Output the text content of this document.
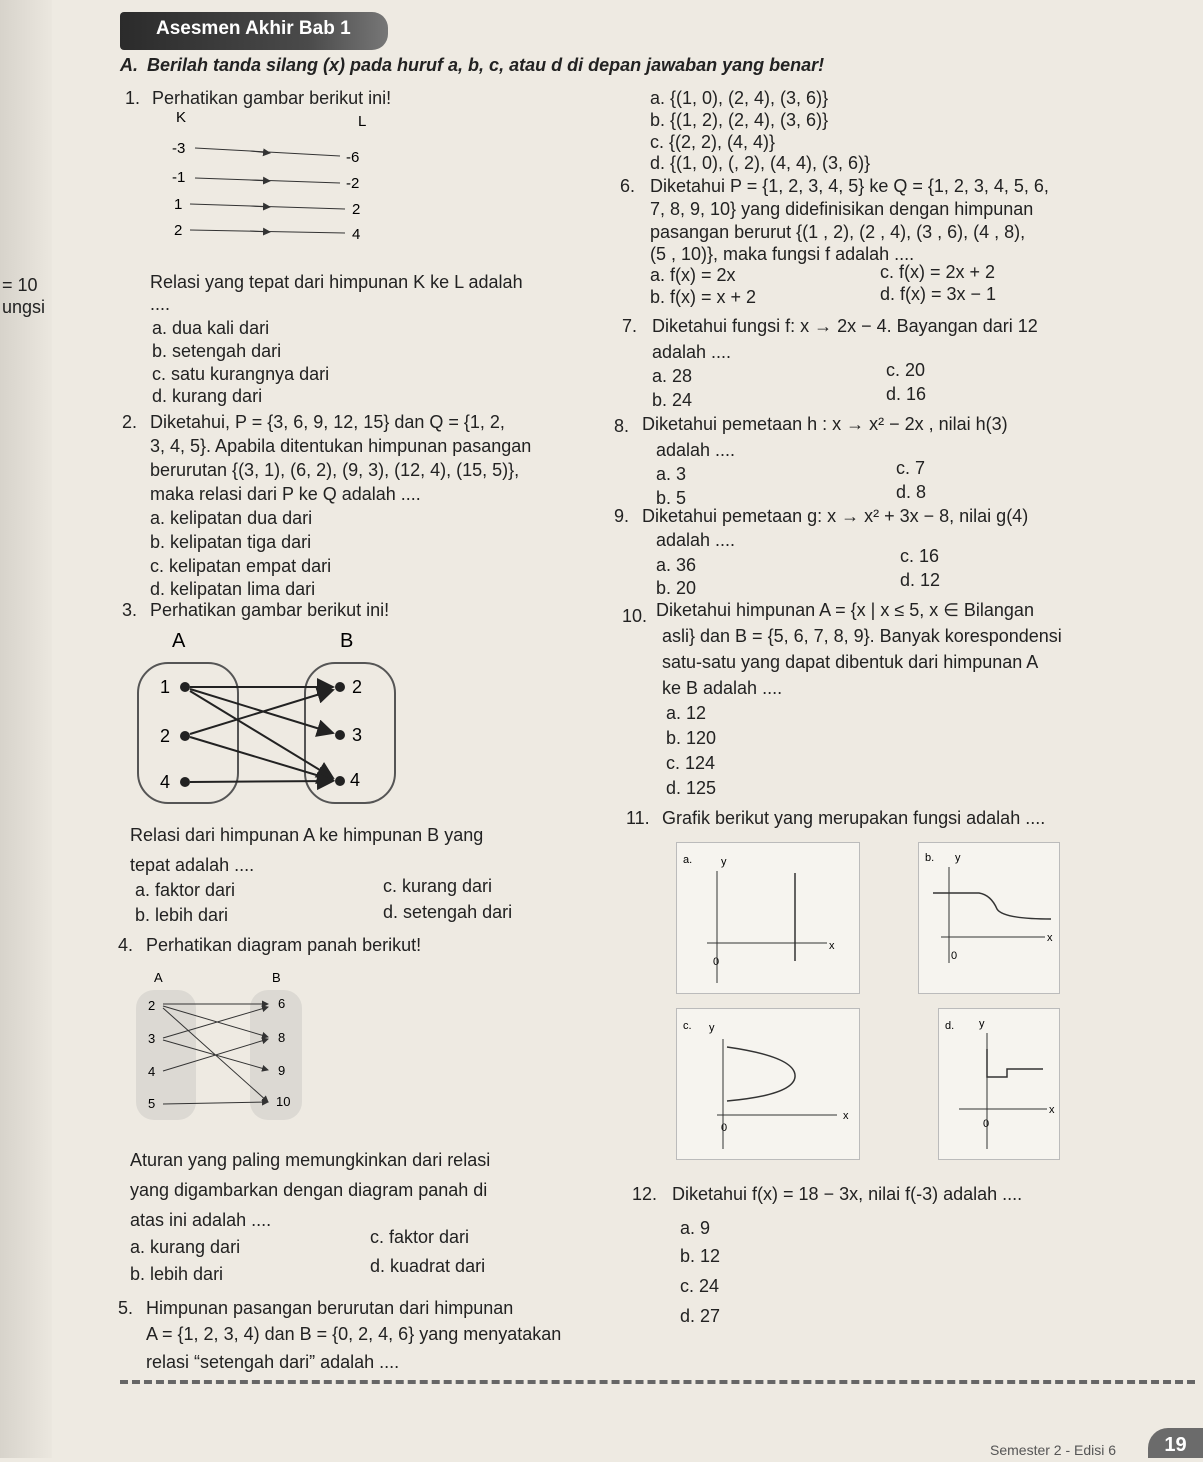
Asesmen Akhir Bab 1
A. Berilah tanda silang (x) pada huruf a, b, c, atau d di depan jawaban yang benar!
= 10
ungsi
1. Perhatikan gambar berikut ini!
K	L
-3
-1
1
2
-6
-2
2
4
Relasi yang tepat dari himpunan K ke L adalah
....
a. dua kali dari
b. setengah dari
c. satu kurangnya dari
d. kurang dari
2. Diketahui, P = {3, 6, 9, 12, 15} dan Q = {1, 2,
3, 4, 5}. Apabila ditentukan himpunan pasangan
berurutan {(3, 1), (6, 2), (9, 3), (12, 4), (15, 5)},
maka relasi dari P ke Q adalah ....
a. kelipatan dua dari
b. kelipatan tiga dari
c. kelipatan empat dari
d. kelipatan lima dari
3. Perhatikan gambar berikut ini!
A	B
1
2
4
2
3
4
Relasi dari himpunan A ke himpunan B yang
tepat adalah ....
a. faktor dari
b. lebih dari
c. kurang dari
d. setengah dari
4. Perhatikan diagram panah berikut!
A	B
2
3
4
5
6
8
9
10
Aturan yang paling memungkinkan dari relasi
yang digambarkan dengan diagram panah di
atas ini adalah ....
a. kurang dari
b. lebih dari
c. faktor dari
d. kuadrat dari
5. Himpunan pasangan berurutan dari himpunan
A = {1, 2, 3, 4) dan B = {0, 2, 4, 6} yang menyatakan
relasi “setengah dari” adalah ....
a. {(1, 0), (2, 4), (3, 6)}
b. {(1, 2), (2, 4), (3, 6)}
c. {(2, 2), (4, 4)}
d. {(1, 0), (, 2), (4, 4), (3, 6)}
6. Diketahui P = {1, 2, 3, 4, 5} ke Q = {1, 2, 3, 4, 5, 6,
7, 8, 9, 10} yang didefinisikan dengan himpunan
pasangan berurut {(1 , 2), (2 , 4), (3 , 6), (4 , 8),
(5 , 10)}, maka fungsi f adalah ....
a. f(x) = 2x
b. f(x) = x + 2
c. f(x) = 2x + 2
d. f(x) = 3x − 1
7. Diketahui fungsi f: x → 2x − 4. Bayangan dari 12
adalah ....
a. 28
b. 24
c. 20
d. 16
8. Diketahui pemetaan h : x → x² − 2x , nilai h(3)
adalah ....
a. 3
b. 5
c. 7
d. 8
9. Diketahui pemetaan g: x → x² + 3x − 8, nilai g(4)
adalah ....
a. 36
b. 20
c. 16
d. 12
10. Diketahui himpunan A = {x | x ≤ 5, x ∈ Bilangan
asli} dan B = {5, 6, 7, 8, 9}. Banyak korespondensi
satu-satu yang dapat dibentuk dari himpunan A
ke B adalah ....
a. 12
b. 120
c. 124
d. 125
11. Grafik berikut yang merupakan fungsi adalah ....
a.	y
x
0
b. y
x
0
c. y
x
0
d. y
x
0
12. Diketahui f(x) = 18 − 3x, nilai f(-3) adalah ....
a. 9
b. 12
c. 24
d. 27
Semester 2 - Edisi 6	19
